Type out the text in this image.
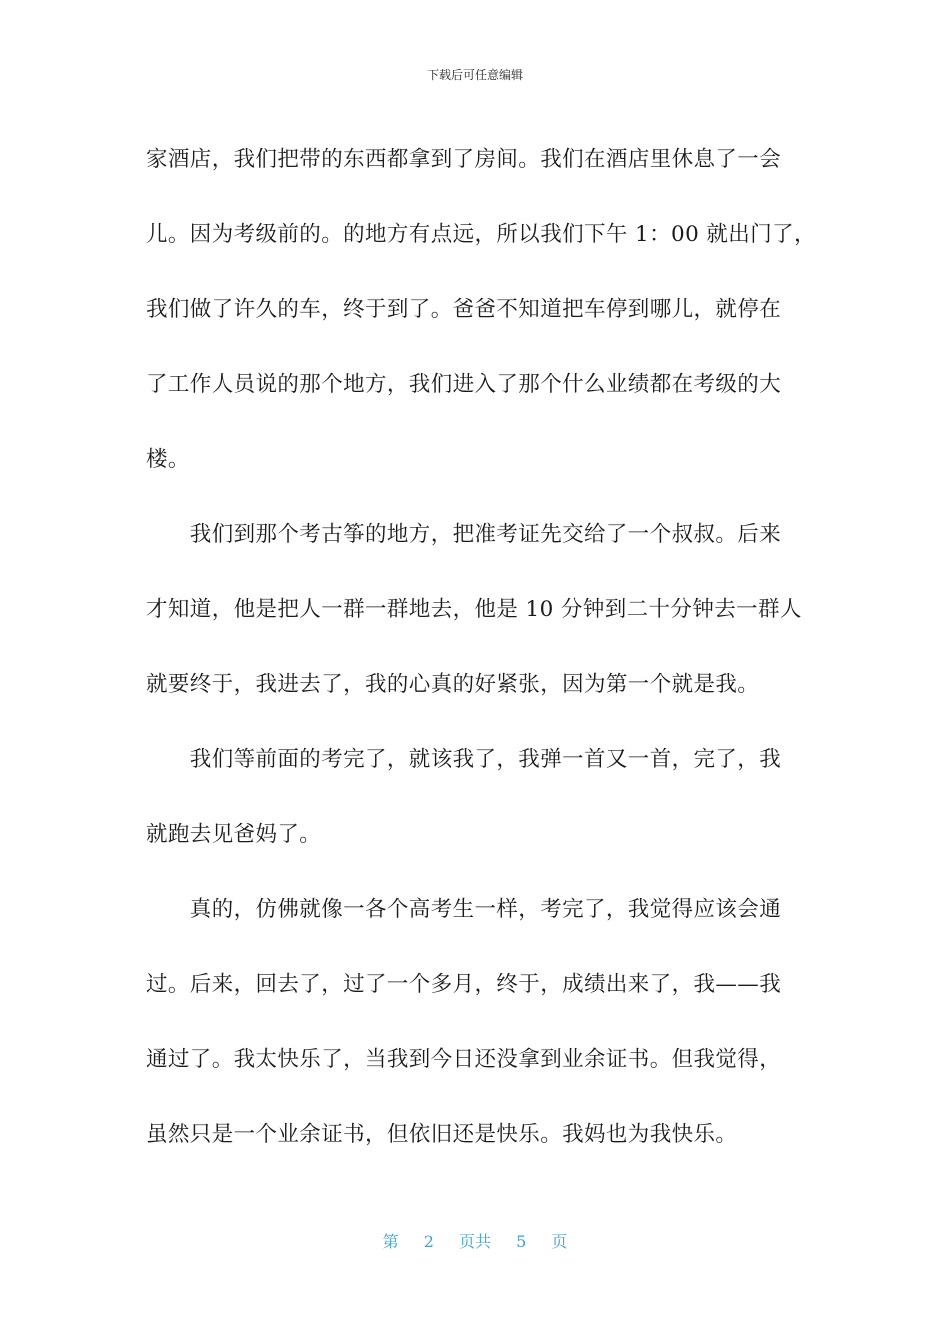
下载后可任意编辑
家酒店，我们把带的东西都拿到了房间。我们在酒店里休息了一会
儿。因为考级前的。的地方有点远，所以我们下午 1：00 就出门了，
我们做了许久的车，终于到了。爸爸不知道把车停到哪儿，就停在
了工作人员说的那个地方，我们进入了那个什么业绩都在考级的大
楼。
　　我们到那个考古筝的地方，把准考证先交给了一个叔叔。后来
才知道，他是把人一群一群地去，他是 10 分钟到二十分钟去一群人
就要终于，我进去了，我的心真的好紧张，因为第一个就是我。
　　我们等前面的考完了，就该我了，我弹一首又一首，完了，我
就跑去见爸妈了。
　　真的，仿佛就像一各个高考生一样，考完了，我觉得应该会通
过。后来，回去了，过了一个多月，终于，成绩出来了，我——我
通过了。我太快乐了，当我到今日还没拿到业余证书。但我觉得，
虽然只是一个业余证书，但依旧还是快乐。我妈也为我快乐。
第 2 页共 5 页
